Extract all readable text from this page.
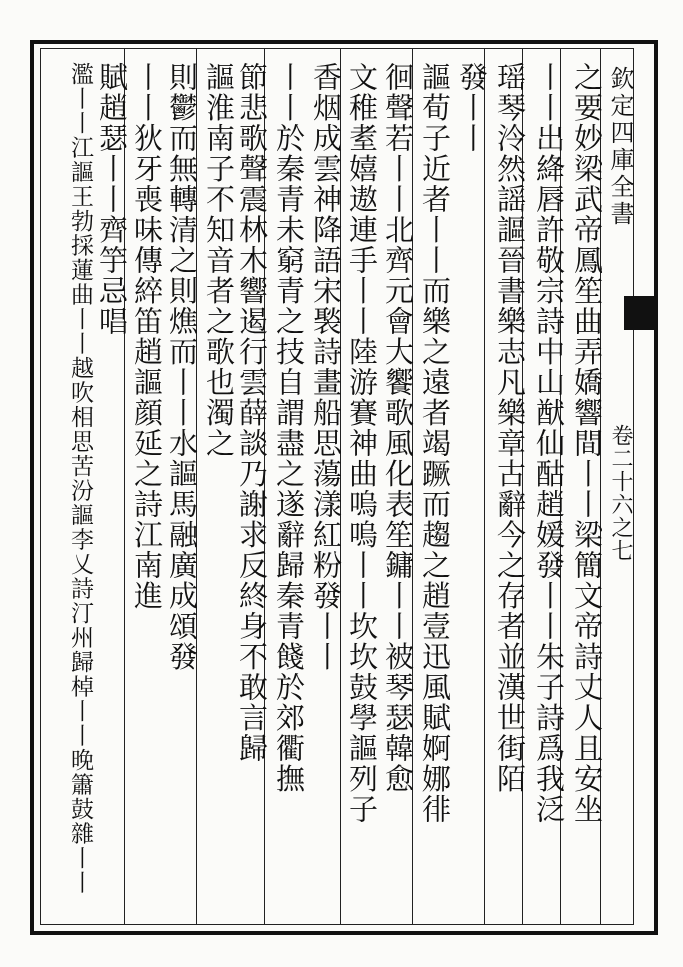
欽定四庫全書
卷二十六之七
之要妙梁武帝鳳笙曲弄嬌響間丨丨梁簡文帝詩丈人且安坐
丨丨出絳唇許敬宗詩中山猷仙酤趙媛發丨丨朱子詩爲我泛
瑶琴泠然謡謳晉書樂志凡樂章古辭今之存者並漢世街陌
發丨丨
謳荀子近者丨丨而樂之遠者竭蹶而趨之趙壹迅風賦婀娜徘
徊聲若丨丨北齊元會大饗歌風化表笙鏞丨丨被琴瑟韓愈
文稚耊嬉遨連手丨丨陸游賽神曲嗚嗚丨丨坎坎鼓學謳列子
香烟成雲神降語宋褧詩畫船思蕩漾紅粉發丨丨
丨丨於秦青未窮青之技自謂盡之遂辭歸秦青餞於郊衢撫
節悲歌聲震林木響遏行雲薛談乃謝求反終身不敢言歸
謳淮南子不知音者之歌也濁之
則鬱而無轉清之則燋而丨丨水謳馬融廣成頌發
丨丨狄牙喪味傳綷笛趙謳顔延之詩江南進
賦趙瑟丨丨齊竽忌唱
濫丨丨江謳王勃採蓮曲丨丨越吹相思苦汾謳李乂詩汀州歸棹丨丨晚簫鼓雜丨丨
